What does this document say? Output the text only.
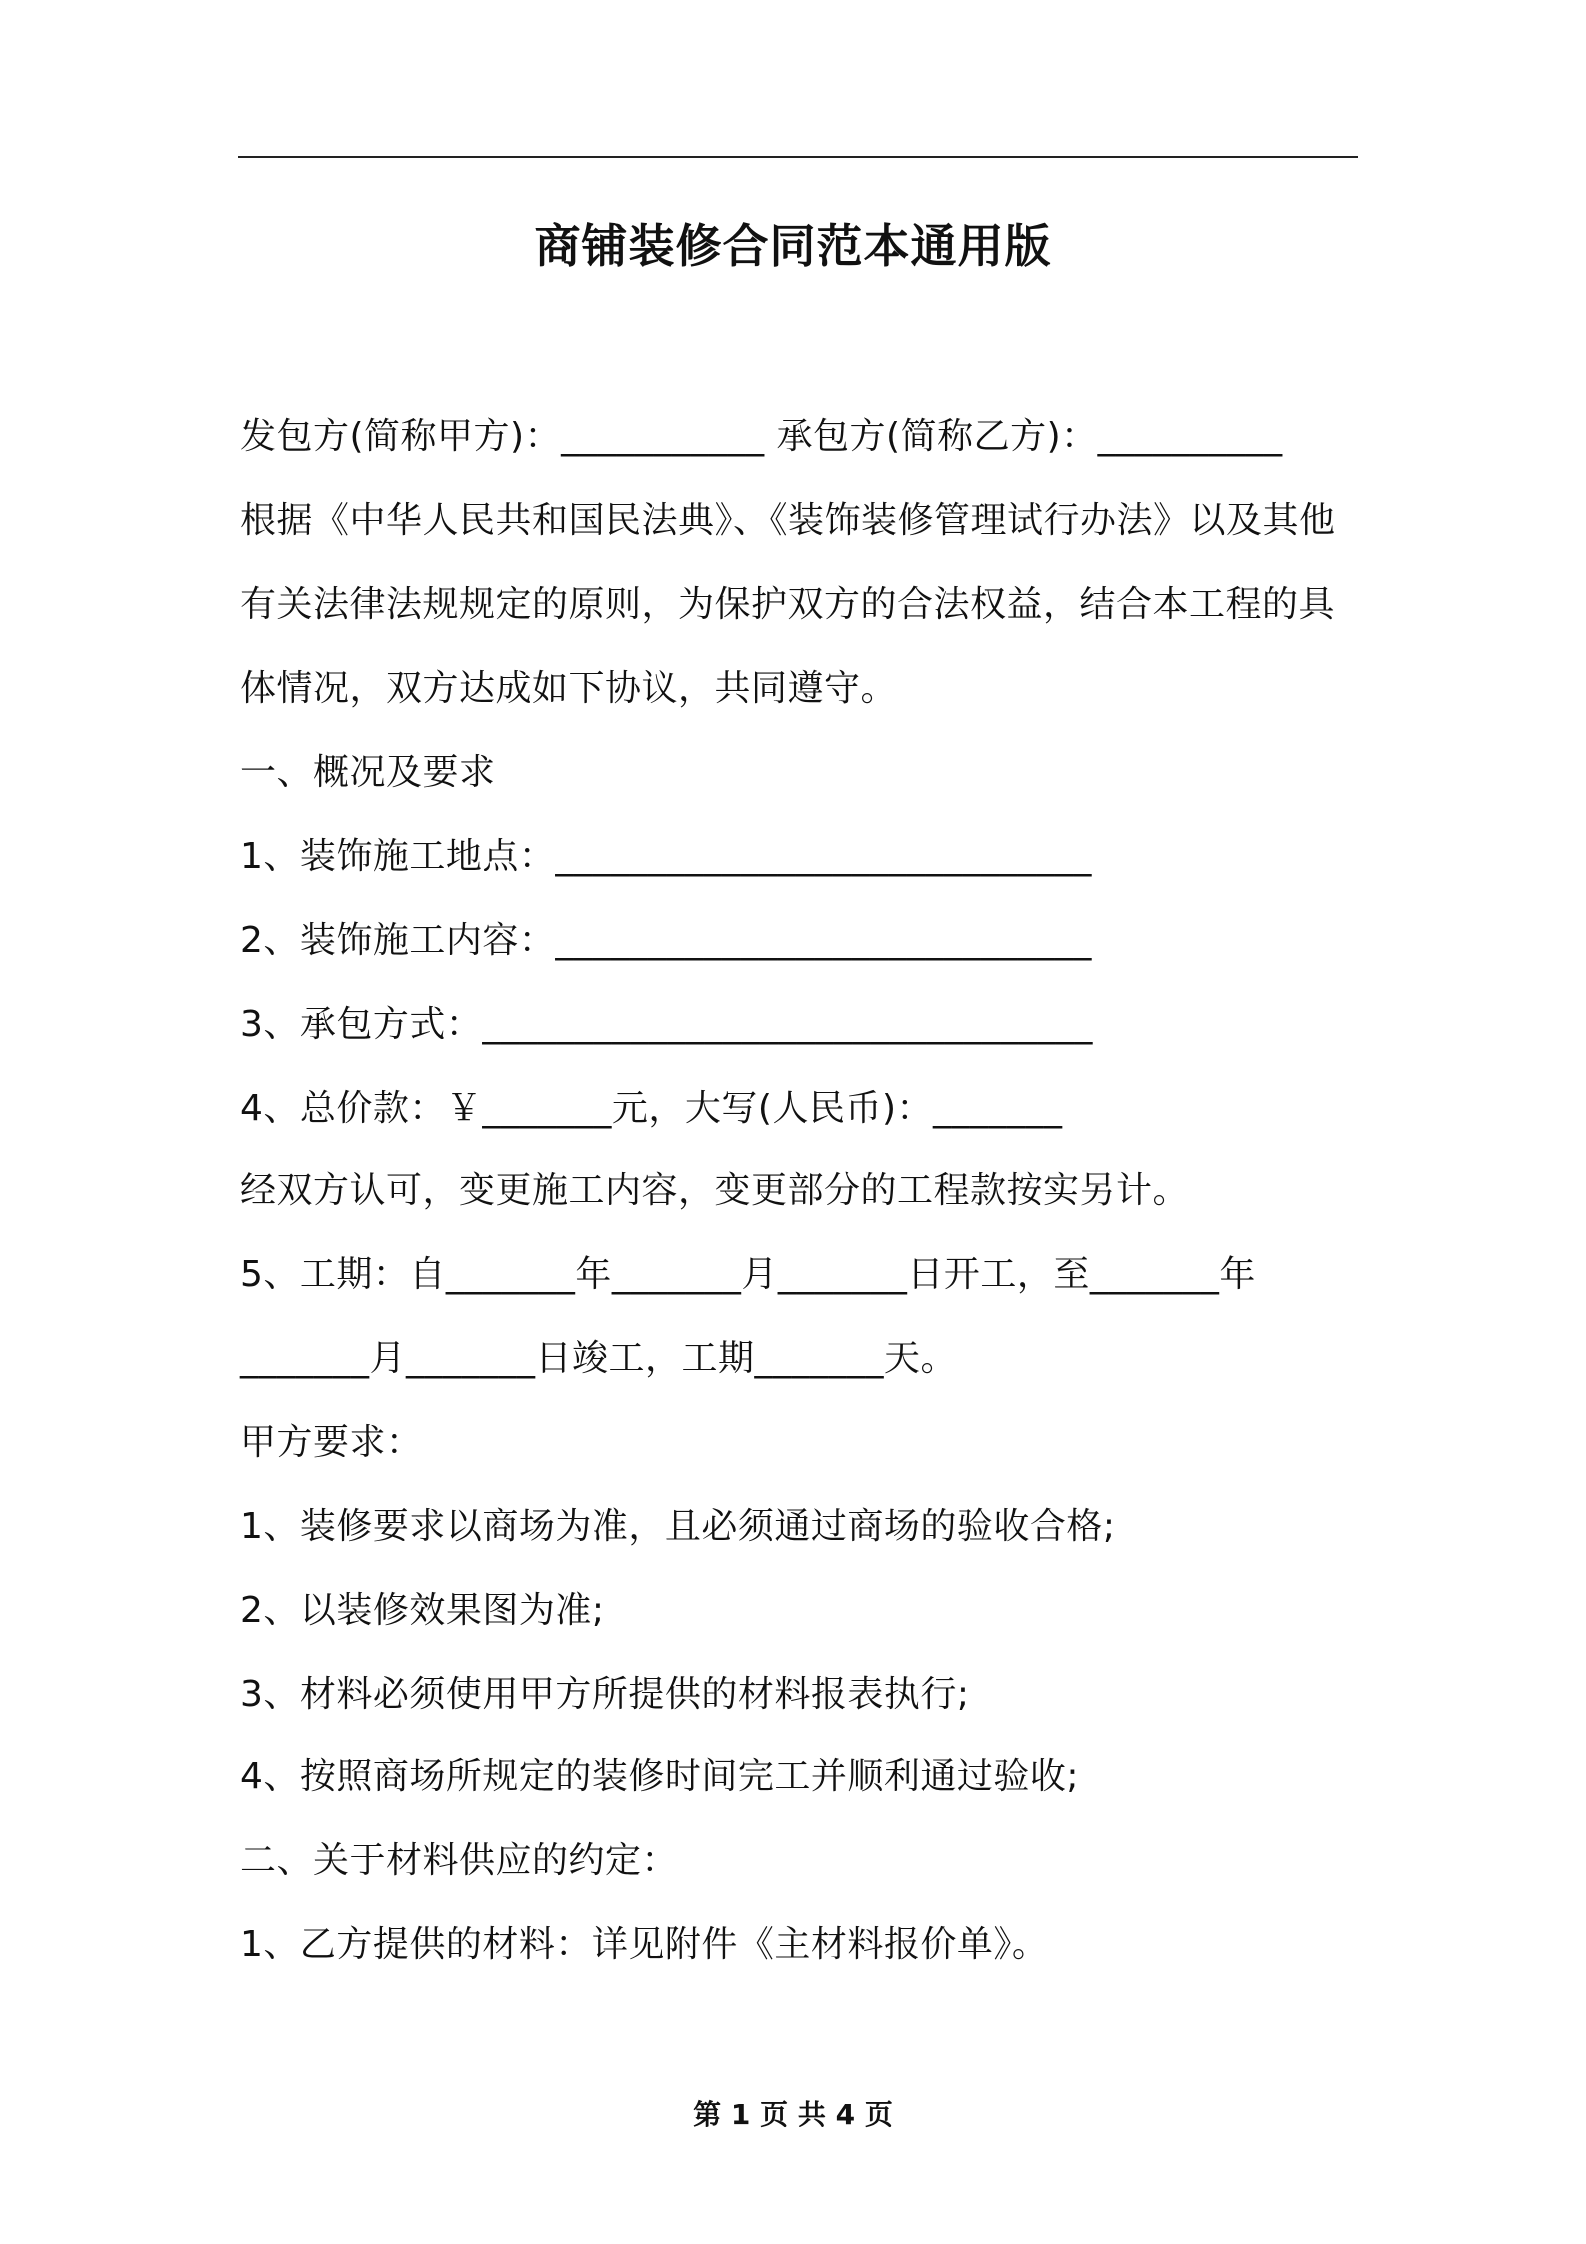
商铺装修合同范本通用版
发包方(简称甲方)：___________ 承包方(简称乙方)：__________
根据《中华人民共和国民法典》、《装饰装修管理试行办法》以及其他
有关法律法规规定的原则，为保护双方的合法权益，结合本工程的具
体情况，双方达成如下协议，共同遵守。
一、概况及要求
1、装饰施工地点：_____________________________
2、装饰施工内容：_____________________________
3、承包方式：_________________________________
4、总价款：￥_______元，大写(人民币)：_______
经双方认可，变更施工内容，变更部分的工程款按实另计。
5、工期：自_______年_______月_______日开工，至_______年
_______月_______日竣工，工期_______天。
甲方要求：
1、装修要求以商场为准，且必须通过商场的验收合格;
2、以装修效果图为准;
3、材料必须使用甲方所提供的材料报表执行;
4、按照商场所规定的装修时间完工并顺利通过验收;
二、关于材料供应的约定：
1、乙方提供的材料：详见附件《主材料报价单》。
第 1 页 共 4 页
